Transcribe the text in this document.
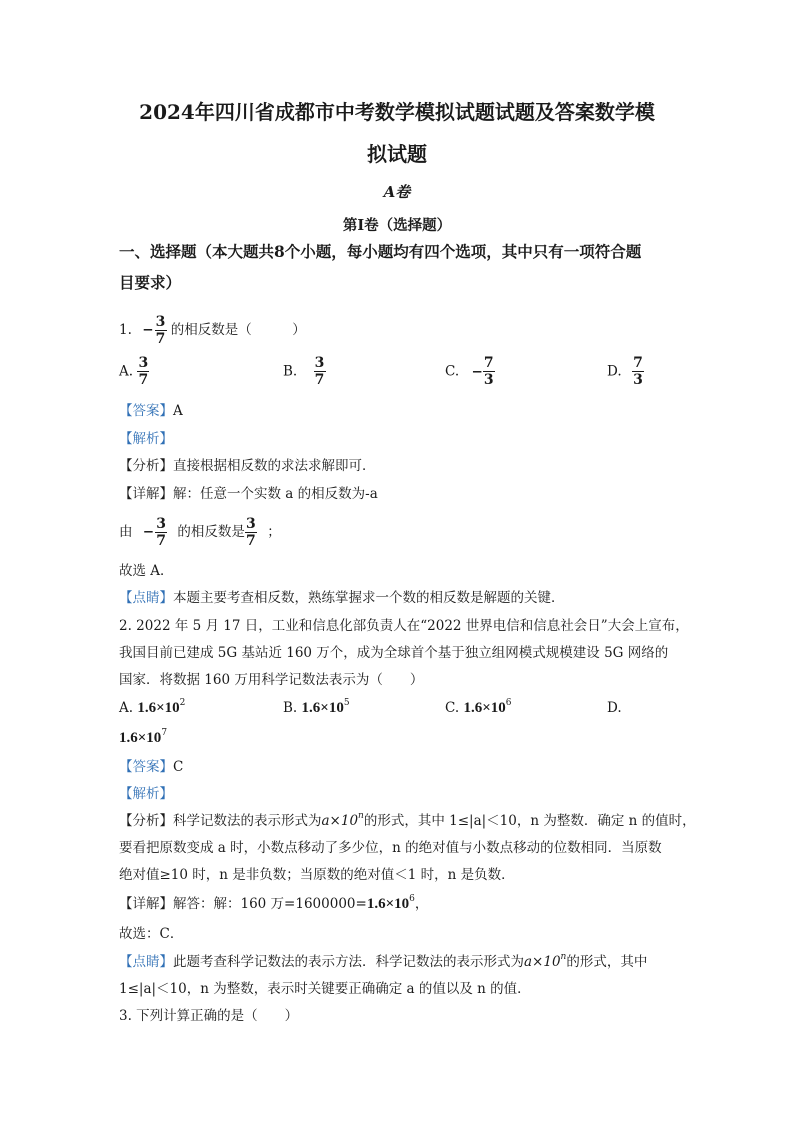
2024年四川省成都市中考数学模拟试题试题及答案数学模
拟试题
A卷
第Ⅰ卷（选择题）
一、选择题（本大题共8个小题，每小题均有四个选项，其中只有一项符合题
目要求）
1. − $\frac{3}{7}$ 的相反数是（　　　）
A. $\frac{3}{7}$	B. $\frac{3}{7}$	C. − $\frac{7}{3}$	D. $\frac{7}{3}$
【答案】A
【解析】
【分析】直接根据相反数的求法求解即可．
【详解】解：任意一个实数 a 的相反数为-a
由 − $\frac{3}{7}$ 的相反数是 $\frac{3}{7}$ ；
故选 A．
【点睛】本题主要考查相反数，熟练掌握求一个数的相反数是解题的关键．
2. 2022 年 5 月 17 日，工业和信息化部负责人在“2022 世界电信和信息社会日”大会上宣布，
我国目前已建成 5G 基站近 160 万个，成为全球首个基于独立组网模式规模建设 5G 网络的
国家．将数据 160 万用科学记数法表示为（　　）
A. $1.6\times 10^2$	B. $1.6\times 10^5$	C. $1.6\times 10^6$	D.
$1.6\times 10^7$
【答案】C
【解析】
【分析】科学记数法的表示形式为$a\times 10^n$的形式，其中 1≤|a|＜10，n 为整数．确定 n 的值时，
要看把原数变成 a 时，小数点移动了多少位，n 的绝对值与小数点移动的位数相同．当原数
绝对值≥10 时，n 是非负数；当原数的绝对值＜1 时，n 是负数．
【详解】解答：解：160 万$=1600000=1.6\times 10^6$，
故选：C．
【点睛】此题考查科学记数法的表示方法．科学记数法的表示形式为$a\times 10^n$的形式，其中
1≤|a|＜10，n 为整数，表示时关键要正确确定 a 的值以及 n 的值．
3. 下列计算正确的是（　　）
